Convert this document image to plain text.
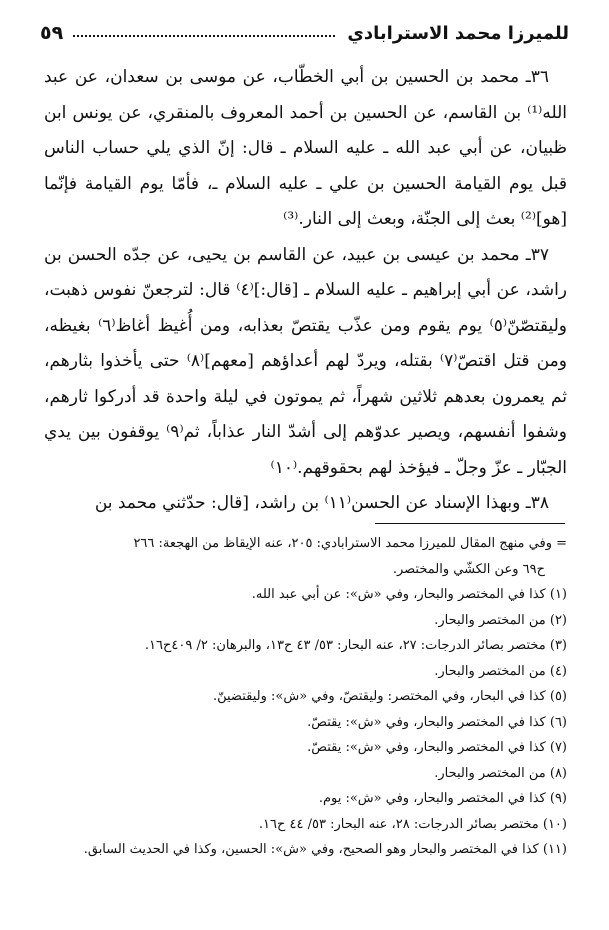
للميرزا محمد الاسترابادي
٥٩

٣٦ـ محمد بن الحسين بن أبي الخطّاب، عن موسى بن سعدان، عن عبد الله⁽¹⁾ بن القاسم، عن الحسين بن أحمد المعروف بالمنقري، عن يونس ابن ظبيان، عن أبي عبد الله ـ عليه السلام ـ قال: إنّ الذي يلي حساب الناس قبل يوم القيامة الحسين بن علي ـ عليه السلام ـ، فأمّا يوم القيامة فإنّما [هو]⁽²⁾ بعث إلى الجنّة، وبعث إلى النار.⁽³⁾

٣٧ـ محمد بن عيسى بن عبيد، عن القاسم بن يحيى، عن جدّه الحسن بن راشد، عن أبي إبراهيم ـ عليه السلام ـ [قال:]⁽٤⁾ قال: لترجعنّ نفوس ذهبت، وليقتصّنّ⁽٥⁾ يوم يقوم ومن عذّب يقتصّ بعذابه، ومن أُغيظ أغاظ⁽٦⁾ بغيظه، ومن قتل اقتصّ⁽٧⁾ بقتله، ويردّ لهم أعداؤهم [معهم]⁽٨⁾ حتى يأخذوا بثارهم، ثم يعمرون بعدهم ثلاثين شهراً، ثم يموتون في ليلة واحدة قد أدركوا ثارهم، وشفوا أنفسهم، ويصير عدوّهم إلى أشدّ النار عذاباً، ثم⁽٩⁾ يوقفون بين يدي الجبّار ـ عزّ وجلّ ـ فيؤخذ لهم بحقوقهم.⁽١٠⁾

٣٨ـ وبهذا الإسناد عن الحسن⁽١١⁾ بن راشد، [قال: حدّثني محمد بن

= وفي منهج المقال للميرزا محمد الاسترابادي: ٢٠٥، عنه الإيقاظ من الهجعة: ٢٦٦

ح٦٩ وعن الكشّي والمختصر.

(١) كذا في المختصر والبحار، وفي «ش»: عن أبي عبد الله.

(٢) من المختصر والبحار.

(٣) مختصر بصائر الدرجات: ٢٧، عنه البحار: ٥٣/ ٤٣ ح١٣، والبرهان: ٢/ ٤٠٩ح١٦.

(٤) من المختصر والبحار.

(٥) كذا في البحار، وفي المختصر: وليقتصّ، وفي «ش»: وليقتضينّ.

(٦) كذا في المختصر والبحار، وفي «ش»: يقتصّ.

(٧) كذا في المختصر والبحار، وفي «ش»: يقتصّ.

(٨) من المختصر والبحار.

(٩) كذا في المختصر والبحار، وفي «ش»: يوم.

(١٠) مختصر بصائر الدرجات: ٢٨، عنه البحار: ٥٣/ ٤٤ ح١٦.

(١١) كذا في المختصر والبحار وهو الصحيح، وفي «ش»: الحسين، وكذا في الحديث السابق.
